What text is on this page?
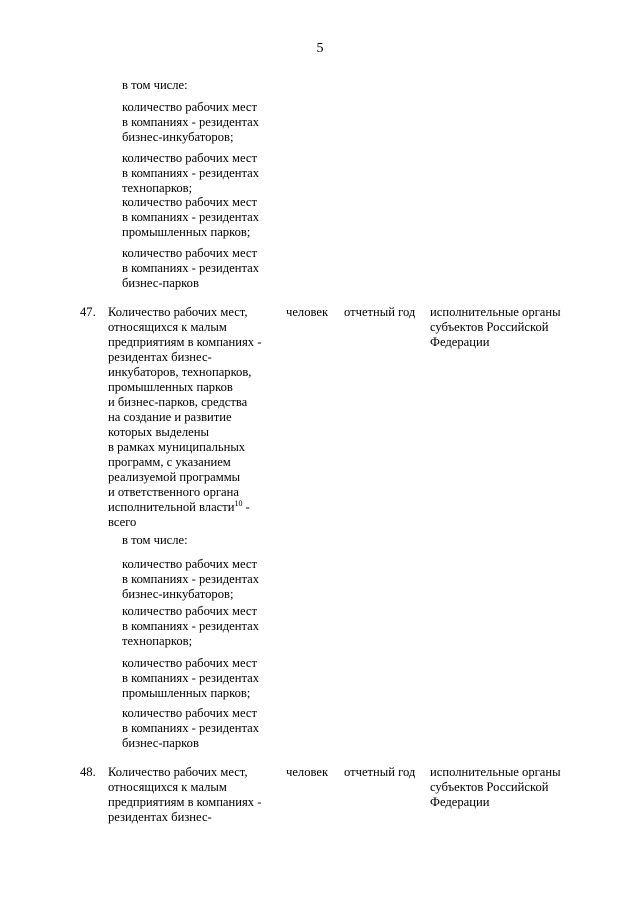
5
в том числе:
количество рабочих мест
в компаниях - резидентах
бизнес-инкубаторов;
количество рабочих мест
в компаниях - резидентах
технопарков;
количество рабочих мест
в компаниях - резидентах
промышленных парков;
количество рабочих мест
в компаниях - резидентах
бизнес-парков
47. Количество рабочих мест,
относящихся к малым
предприятиям в компаниях -
резидентах бизнес-
инкубаторов, технопарков,
промышленных парков
и бизнес-парков, средства
на создание и развитие
которых выделены
в рамках муниципальных
программ, с указанием
реализуемой программы
и ответственного органа
исполнительной власти$^{10}$ -
всего
человек отчетный год исполнительные органы
субъектов Российской
Федерации
в том числе:
количество рабочих мест
в компаниях - резидентах
бизнес-инкубаторов;
количество рабочих мест
в компаниях - резидентах
технопарков;
количество рабочих мест
в компаниях - резидентах
промышленных парков;
количество рабочих мест
в компаниях - резидентах
бизнес-парков
48. Количество рабочих мест,
относящихся к малым
предприятиям в компаниях -
резидентах бизнес-
человек отчетный год исполнительные органы
субъектов Российской
Федерации
